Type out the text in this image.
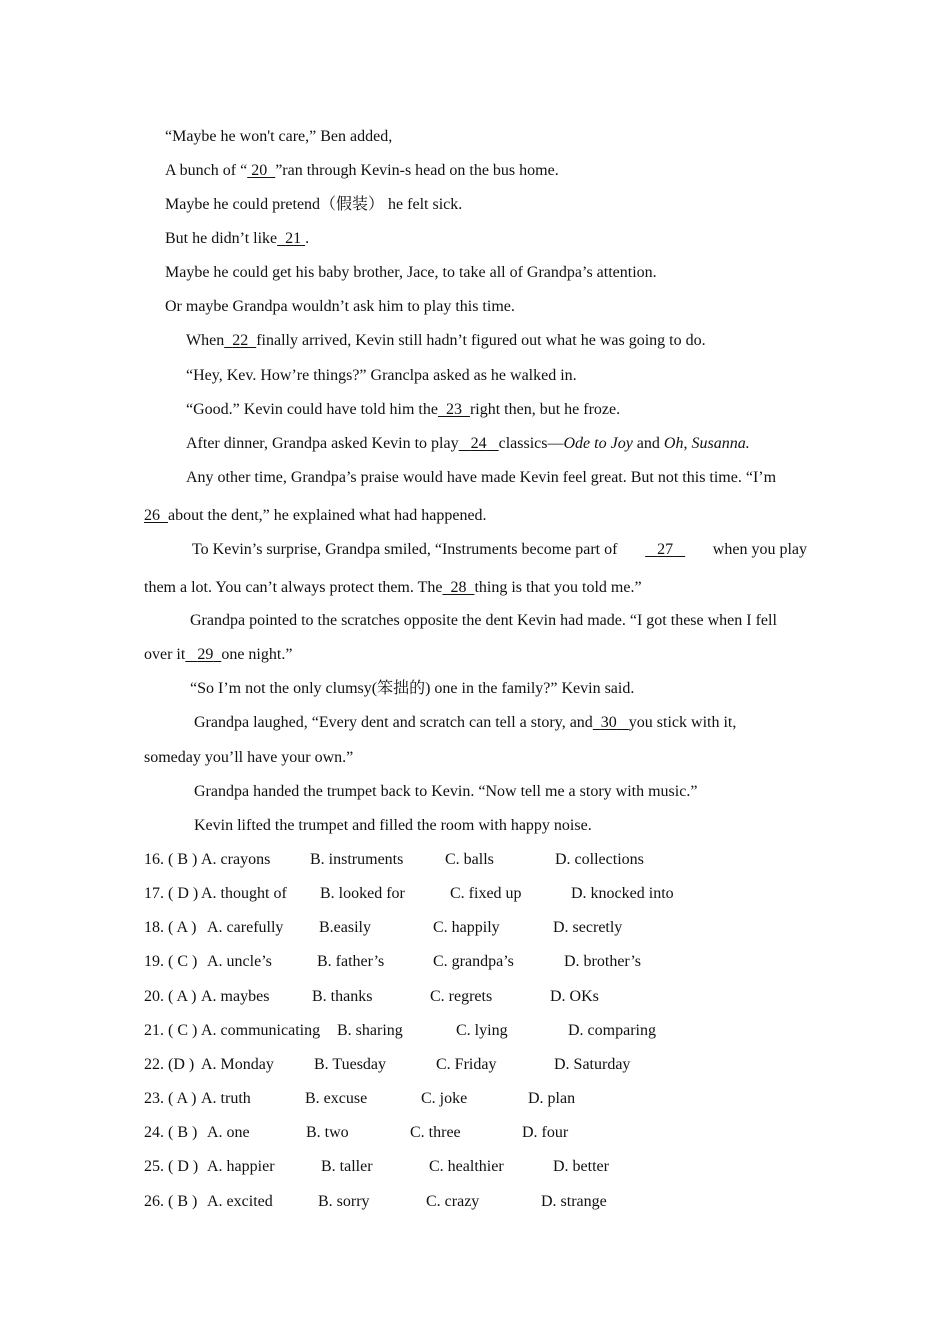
“Maybe he won't care,” Ben added,
A bunch of “ 20 ”ran through Kevin-s head on the bus home.
Maybe he could pretend（假装） he felt sick.
But he didn’t like 21 .
Maybe he could get his baby brother, Jace, to take all of Grandpa’s attention.
Or maybe Grandpa wouldn’t ask him to play this time.
When 22 finally arrived, Kevin still hadn’t figured out what he was going to do.
“Hey, Kev. How’re things?” Granclpa asked as he walked in.
“Good.” Kevin could have told him the 23 right then, but he froze.
After dinner, Grandpa asked Kevin to play 24 classics—Ode to Joy and Oh, Susanna.
Any other time, Grandpa’s praise would have made Kevin feel great. But not this time. “I’m
26 about the dent,” he explained what had happened.
To Kevin’s surprise, Grandpa smiled, “Instruments become part of	27	when you play
them a lot. You can’t always protect them. The 28 thing is that you told me.”
Grandpa pointed to the scratches opposite the dent Kevin had made. “I got these when I fell
over it 29 one night.”
“So I’m not the only clumsy(笨拙的) one in the family?” Kevin said.
Grandpa laughed, “Every dent and scratch can tell a story, and 30 you stick with it,
someday you’ll have your own.”
Grandpa handed the trumpet back to Kevin. “Now tell me a story with music.”
Kevin lifted the trumpet and filled the room with happy noise.
16. ( B ) A. crayons B. instruments	C. balls	D. collections
17. ( D ) A. thought of B. looked for	C. fixed up	D. knocked into
18. ( A ) A. carefully B.easily	C. happily	D. secretly
19. ( C ) A. uncle’s	B. father’s	C. grandpa’s	D. brother’s
20. ( A ) A. maybes	B. thanks	C. regrets	D. OKs
21. ( C ) A. communicating B. sharing	C. lying	D. comparing
22. (D ) A. Monday	B. Tuesday	C. Friday	D. Saturday
23. ( A ) A. truth	B. excuse	C. joke	D. plan
24. ( B ) A. one	B. two	C. three	D. four
25. ( D ) A. happier	B. taller	C. healthier	D. better
26. ( B ) A. excited	B. sorry	C. crazy	D. strange
